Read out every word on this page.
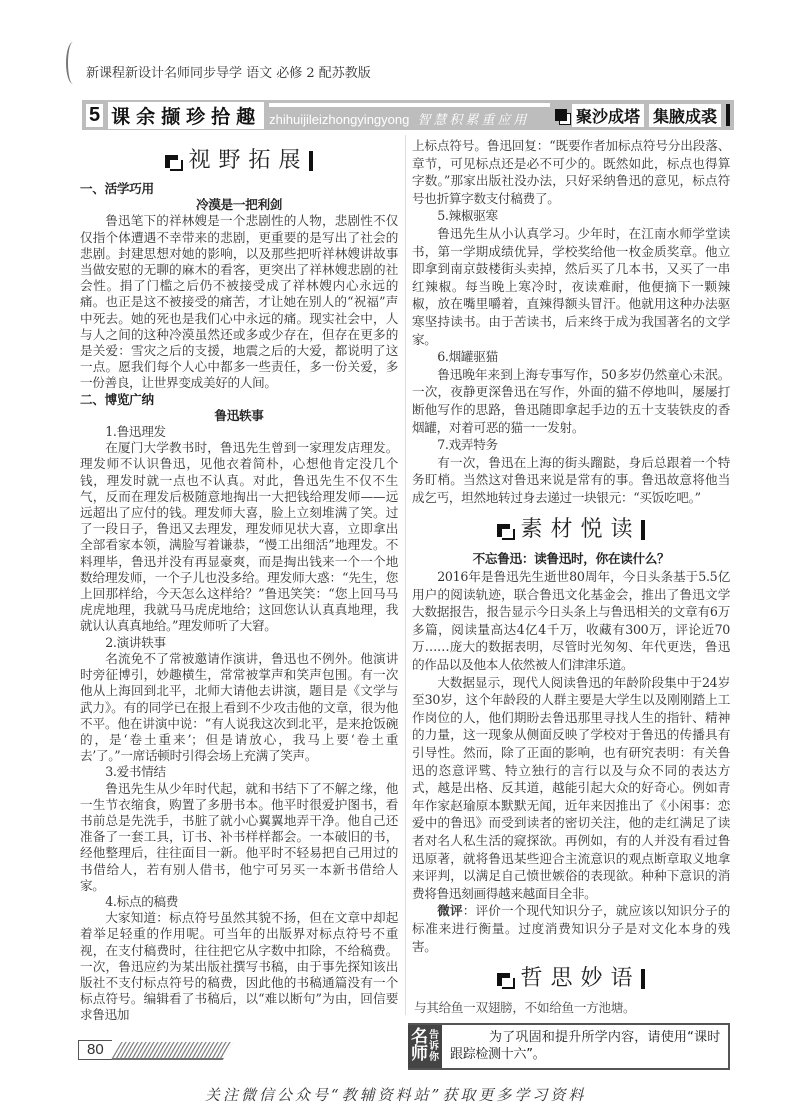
新课程新设计名师同步导学 语文 必修 2 配苏教版
5 课余撷珍拾趣 zhihuijileizhongyingyong 智慧积累重应用	聚沙成塔 集腋成裘
视野拓展
一、活学巧用
冷漠是一把利剑

鲁迅笔下的祥林嫂是一个悲剧性的人物，悲剧性不仅仅指个体遭遇不幸带来的悲剧，更重要的是写出了社会的悲剧。封建思想对她的影响，以及那些把听祥林嫂讲故事当做安慰的无聊的麻木的看客，更突出了祥林嫂悲剧的社会性。捐了门槛之后仍不被接受成了祥林嫂内心永远的痛。也正是这不被接受的痛苦，才让她在别人的“祝福”声中死去。她的死也是我们心中永远的痛。现实社会中，人与人之间的这种冷漠虽然还或多或少存在，但存在更多的是关爱：雪灾之后的支援，地震之后的大爱，都说明了这一点。愿我们每个人心中都多一些责任，多一份关爱，多一份善良，让世界变成美好的人间。

二、博览广纳
鲁迅轶事
1.鲁迅理发

在厦门大学教书时，鲁迅先生曾到一家理发店理发。理发师不认识鲁迅，见他衣着简朴，心想他肯定没几个钱，理发时就一点也不认真。对此，鲁迅先生不仅不生气，反而在理发后极随意地掏出一大把钱给理发师——远远超出了应付的钱。理发师大喜，脸上立刻堆满了笑。过了一段日子，鲁迅又去理发，理发师见状大喜，立即拿出全部看家本领，满脸写着谦恭，“慢工出细活”地理发。不料理毕，鲁迅并没有再显豪爽，而是掏出钱来一个一个地数给理发师，一个子儿也没多给。理发师大惑：“先生，您上回那样给，今天怎么这样给？”鲁迅笑笑：“您上回马马虎虎地理，我就马马虎虎地给；这回您认认真真地理，我就认认真真地给。”理发师听了大窘。

2.演讲轶事

名流免不了常被邀请作演讲，鲁迅也不例外。他演讲时旁征博引，妙趣横生，常常被掌声和笑声包围。有一次他从上海回到北平，北师大请他去讲演，题目是《文学与武力》。有的同学已在报上看到不少攻击他的文章，很为他不平。他在讲演中说：“有人说我这次到北平，是来抢饭碗的，是‘卷土重来’；但是请放心，我马上要‘卷土重去’了。”一席话顿时引得会场上充满了笑声。

3.爱书情结

鲁迅先生从少年时代起，就和书结下了不解之缘，他一生节衣缩食，购置了多册书本。他平时很爱护图书，看书前总是先洗手，书脏了就小心翼翼地弄干净。他自己还准备了一套工具，订书、补书样样都会。一本破旧的书，经他整理后，往往面目一新。他平时不轻易把自己用过的书借给人，若有别人借书，他宁可另买一本新书借给人家。

4.标点的稿费

大家知道：标点符号虽然其貌不扬，但在文章中却起着举足轻重的作用呢。可当年的出版界对标点符号不重视，在支付稿费时，往往把它从字数中扣除，不给稿费。一次，鲁迅应约为某出版社撰写书稿，由于事先探知该出版社不支付标点符号的稿费，因此他的书稿通篇没有一个标点符号。编辑看了书稿后，以“难以断句”为由，回信要求鲁迅加

上标点符号。鲁迅回复：“既要作者加标点符号分出段落、章节，可见标点还是必不可少的。既然如此，标点也得算字数。”那家出版社没办法，只好采纳鲁迅的意见，标点符号也折算字数支付稿费了。

5.辣椒驱寒

鲁迅先生从小认真学习。少年时，在江南水师学堂读书，第一学期成绩优异，学校奖给他一枚金质奖章。他立即拿到南京鼓楼街头卖掉，然后买了几本书，又买了一串红辣椒。每当晚上寒冷时，夜读难耐，他便摘下一颗辣椒，放在嘴里嚼着，直辣得额头冒汗。他就用这种办法驱寒坚持读书。由于苦读书，后来终于成为我国著名的文学家。

6.烟罐驱猫

鲁迅晚年来到上海专事写作，50多岁仍然童心未泯。一次，夜静更深鲁迅在写作，外面的猫不停地叫，屡屡打断他写作的思路，鲁迅随即拿起手边的五十支装铁皮的香烟罐，对着可恶的猫一一发射。

7.戏弄特务

有一次，鲁迅在上海的街头蹓跶，身后总跟着一个特务盯梢。当然这对鲁迅来说是常有的事。鲁迅故意将他当成乞丐，坦然地转过身去递过一块银元：“买饭吃吧。”

素材悦读
不忘鲁迅：读鲁迅时，你在读什么？

2016年是鲁迅先生逝世80周年，今日头条基于5.5亿用户的阅读轨迹，联合鲁迅文化基金会，推出了鲁迅文学大数据报告，报告显示今日头条上与鲁迅相关的文章有6万多篇，阅读量高达4亿4千万，收藏有300万，评论近70万……庞大的数据表明，尽管时光匆匆、年代更迭，鲁迅的作品以及他本人依然被人们津津乐道。

大数据显示，现代人阅读鲁迅的年龄阶段集中于24岁至30岁，这个年龄段的人群主要是大学生以及刚刚踏上工作岗位的人，他们期盼去鲁迅那里寻找人生的指针、精神的力量，这一现象从侧面反映了学校对于鲁迅的传播具有引导性。然而，除了正面的影响，也有研究表明：有关鲁迅的恣意评骘、特立独行的言行以及与众不同的表达方式，越是出格、反其道，越能引起大众的好奇心。例如青年作家赵瑜原本默默无闻，近年来因推出了《小闲事：恋爱中的鲁迅》而受到读者的密切关注，他的走红满足了读者对名人私生活的窥探欲。再例如，有的人并没有看过鲁迅原著，就将鲁迅某些迎合主流意识的观点断章取义地拿来评判，以满足自己愤世嫉俗的表现欲。种种下意识的消费将鲁迅刻画得越来越面目全非。

微评：评价一个现代知识分子，就应该以知识分子的标准来进行衡量。过度消费知识分子是对文化本身的残害。

哲思妙语
与其给鱼一双翅膀，不如给鱼一方池塘。
名师
告诉你
为了巩固和提升所学内容，请使用“课时跟踪检测十六”。
80
关注微信公众号“教辅资料站”获取更多学习资料
